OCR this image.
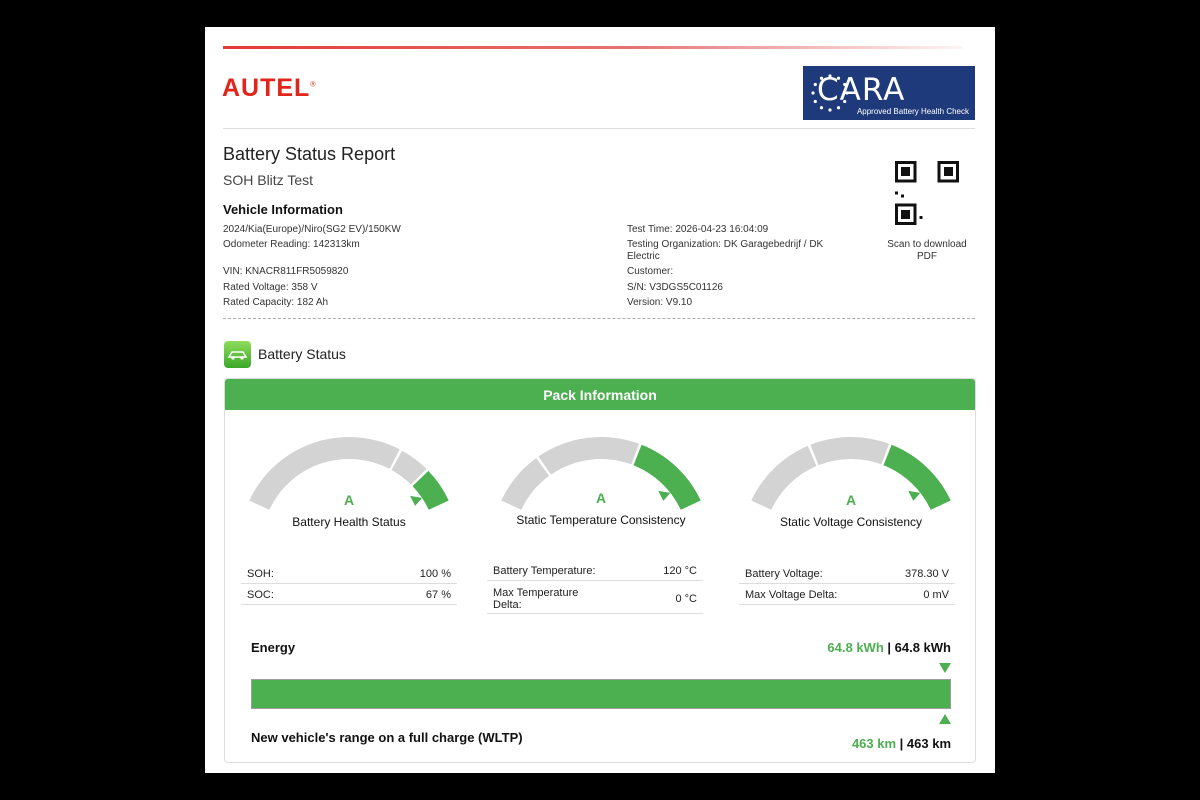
AUTEL®	CARA
Approved Battery Health Check
Battery Status Report
SOH Blitz Test
Vehicle Information
2024/Kia(Europe)/Niro(SG2 EV)/150KW
Odometer Reading: 142313km
VIN: KNACR811FR5059820
Rated Voltage: 358 V
Rated Capacity: 182 Ah
Test Time: 2026-04-23 16:04:09
Testing Organization: DK Garagebedrijf / DK
Electric
Customer:
S/N: V3DGS5C01126
Version: V9.10
Scan to download
PDF
Battery Status
Pack Information
A
Battery Health Status
A
Static Temperature Consistency
A
Static Voltage Consistency
SOH:	100 %
SOC:	67 %
Battery Temperature:	120 °C
Max Temperature Delta:	0 °C
Battery Voltage:	378.30 V
Max Voltage Delta:	0 mV
Energy	64.8 kWh | 64.8 kWh
New vehicle's range on a full charge (WLTP)	463 km | 463 km
